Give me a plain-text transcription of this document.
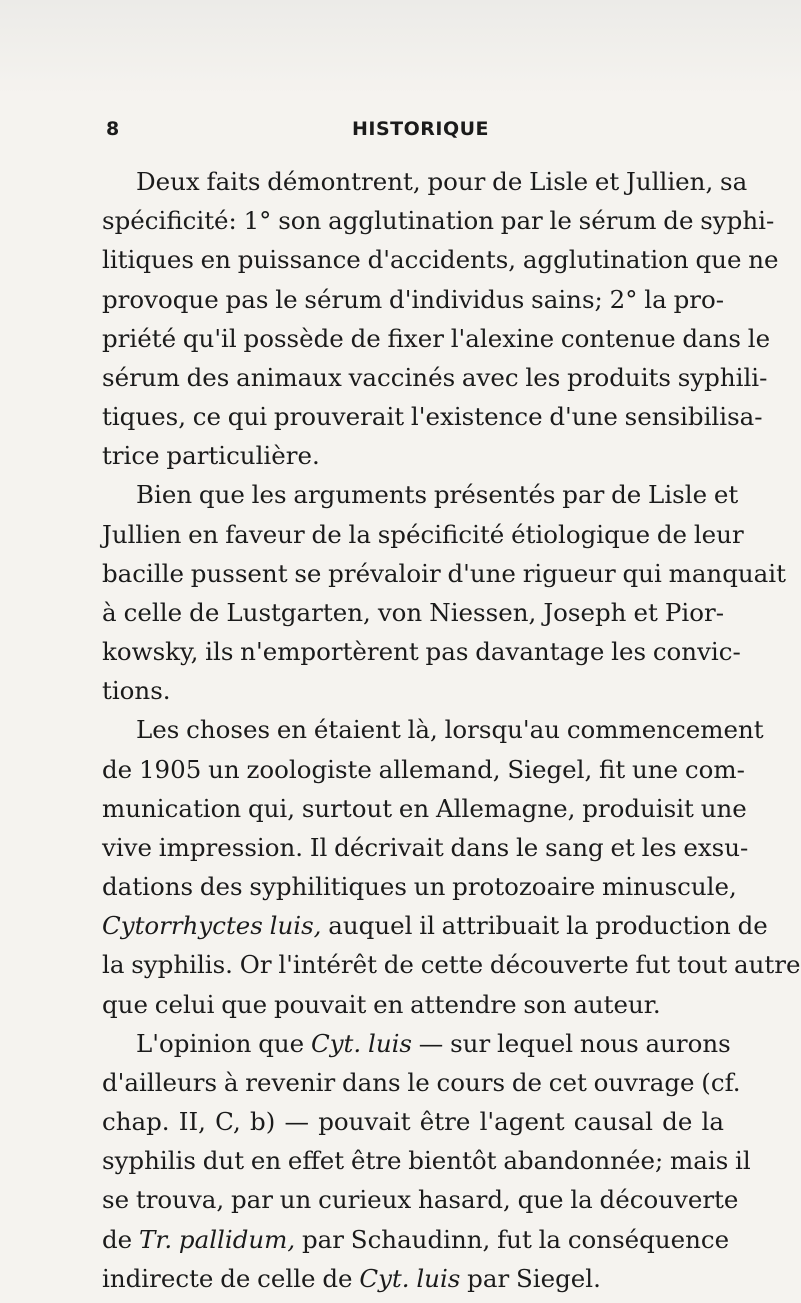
8	HISTORIQUE
Deux faits démontrent, pour de Lisle et Jullien, sa
spécificité: 1° son agglutination par le sérum de syphi-
litiques en puissance d'accidents, agglutination que ne
provoque pas le sérum d'individus sains; 2° la pro-
priété qu'il possède de fixer l'alexine contenue dans le
sérum des animaux vaccinés avec les produits syphili-
tiques, ce qui prouverait l'existence d'une sensibilisa-
trice particulière.
Bien que les arguments présentés par de Lisle et
Jullien en faveur de la spécificité étiologique de leur
bacille pussent se prévaloir d'une rigueur qui manquait
à celle de Lustgarten, von Niessen, Joseph et Pior-
kowsky, ils n'emportèrent pas davantage les convic-
tions.
Les choses en étaient là, lorsqu'au commencement
de 1905 un zoologiste allemand, Siegel, fit une com-
munication qui, surtout en Allemagne, produisit une
vive impression. Il décrivait dans le sang et les exsu-
dations des syphilitiques un protozoaire minuscule,
Cytorrhyctes luis, auquel il attribuait la production de
la syphilis. Or l'intérêt de cette découverte fut tout autre
que celui que pouvait en attendre son auteur.
L'opinion que Cyt. luis — sur lequel nous aurons
d'ailleurs à revenir dans le cours de cet ouvrage (cf.
chap. II, C, b) — pouvait être l'agent causal de la
syphilis dut en effet être bientôt abandonnée; mais il
se trouva, par un curieux hasard, que la découverte
de Tr. pallidum, par Schaudinn, fut la conséquence
indirecte de celle de Cyt. luis par Siegel.
